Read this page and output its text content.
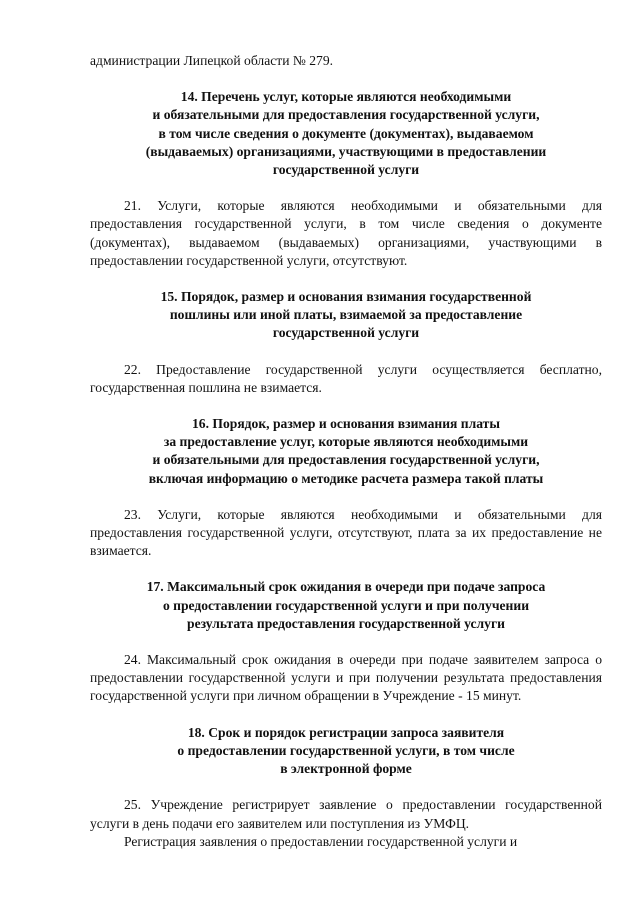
администрации Липецкой области № 279.
14. Перечень услуг, которые являются необходимыми
и обязательными для предоставления государственной услуги,
в том числе сведения о документе (документах), выдаваемом
(выдаваемых) организациями, участвующими в предоставлении
государственной услуги

21. Услуги, которые являются необходимыми и обязательными для предоставления государственной услуги, в том числе сведения о документе (документах), выдаваемом (выдаваемых) организациями, участвующими в предоставлении государственной услуги, отсутствуют.

15. Порядок, размер и основания взимания государственной
пошлины или иной платы, взимаемой за предоставление
государственной услуги

22. Предоставление государственной услуги осуществляется бесплатно, государственная пошлина не взимается.

16. Порядок, размер и основания взимания платы
за предоставление услуг, которые являются необходимыми
и обязательными для предоставления государственной услуги,
включая информацию о методике расчета размера такой платы

23. Услуги, которые являются необходимыми и обязательными для предоставления государственной услуги, отсутствуют, плата за их предоставление не взимается.

17. Максимальный срок ожидания в очереди при подаче запроса
о предоставлении государственной услуги и при получении
результата предоставления государственной услуги

24. Максимальный срок ожидания в очереди при подаче заявителем запроса о предоставлении государственной услуги и при получении результата предоставления государственной услуги при личном обращении в Учреждение - 15 минут.

18. Срок и порядок регистрации запроса заявителя
о предоставлении государственной услуги, в том числе
в электронной форме

25. Учреждение регистрирует заявление о предоставлении государственной услуги в день подачи его заявителем или поступления из УМФЦ.

Регистрация заявления о предоставлении государственной услуги и
